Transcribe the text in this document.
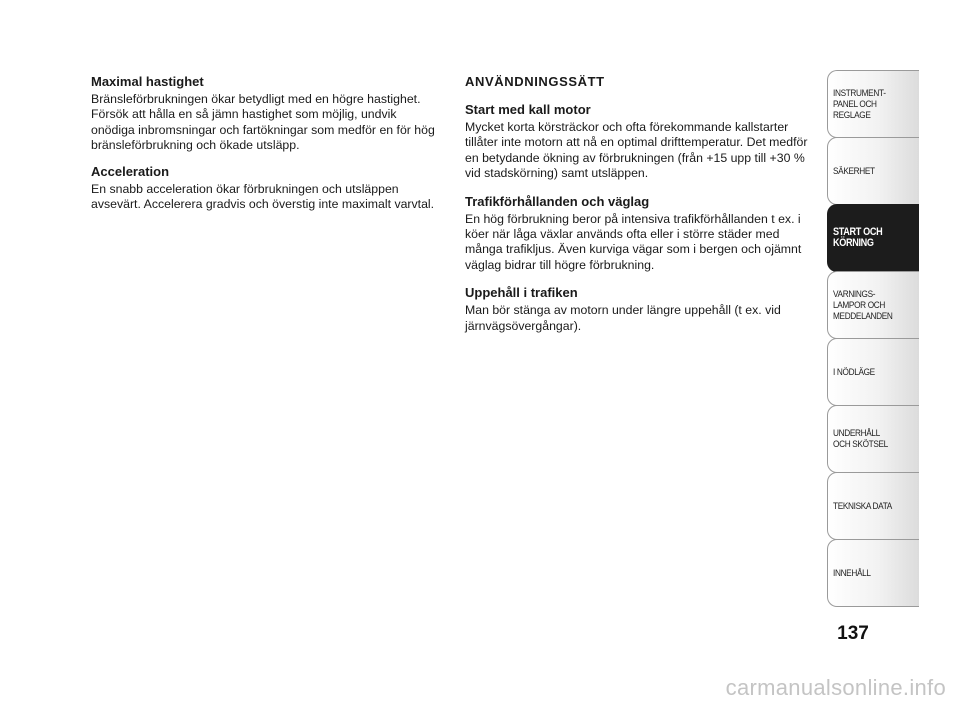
Maximal hastighet

Bränsleförbrukningen ökar betydligt med en högre hastighet. Försök att hålla en så jämn hastighet som möjlig, undvik onödiga inbromsningar och fartökningar som medför en för hög bränsleförbrukning och ökade utsläpp.

Acceleration

En snabb acceleration ökar förbrukningen och utsläppen avsevärt. Accelerera gradvis och överstig inte maximalt varvtal.

ANVÄNDNINGSSÄTT
Start med kall motor

Mycket korta körsträckor och ofta förekommande kallstarter tillåter inte motorn att nå en optimal drifttemperatur. Det medför en betydande ökning av förbrukningen (från +15 upp till +30 % vid stadskörning) samt utsläppen.

Trafikförhållanden och väglag

En hög förbrukning beror på intensiva trafikförhållanden t ex. i köer när låga växlar används ofta eller i större städer med många trafikljus. Även kurviga vägar som i bergen och ojämnt väglag bidrar till högre förbrukning.

Uppehåll i trafiken

Man bör stänga av motorn under längre uppehåll (t ex. vid järnvägsövergångar).

INSTRUMENT-
PANEL OCH
REGLAGE
SÄKERHET
START OCH
KÖRNING
VARNINGS-
LAMPOR OCH
MEDDELANDEN
I NÖDLÄGE
UNDERHÅLL
OCH SKÖTSEL
TEKNISKA DATA
INNEHÅLL
137
carmanualsonline.info
